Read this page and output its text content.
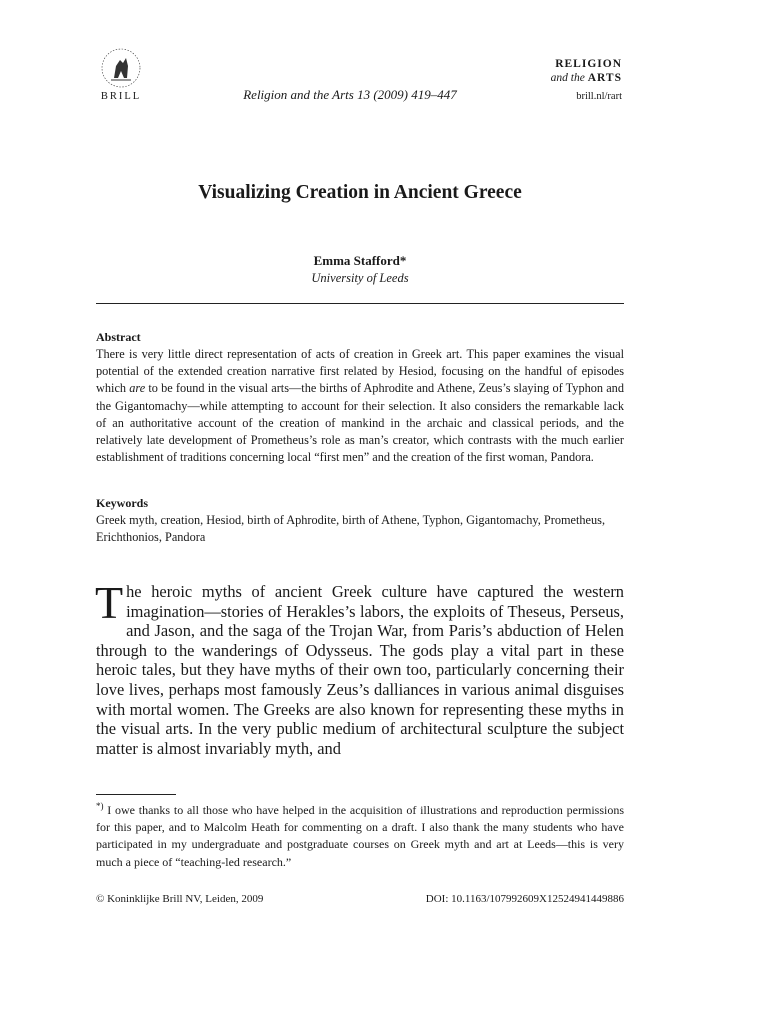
BRILL	Religion and the Arts 13 (2009) 419–447
RELIGION
and the ARTS
brill.nl/rart
Visualizing Creation in Ancient Greece
Emma Stafford*
University of Leeds
Abstract
There is very little direct representation of acts of creation in Greek art. This paper examines the visual potential of the extended creation narrative first related by Hesiod, focusing on the handful of episodes which are to be found in the visual arts—the births of Aphrodite and Athene, Zeus’s slaying of Typhon and the Gigantomachy—while attempting to account for their selection. It also considers the remarkable lack of an authoritative account of the creation of mankind in the archaic and classical periods, and the relatively late development of Prometheus’s role as man’s creator, which contrasts with the much earlier establishment of traditions concerning local “first men” and the creation of the first woman, Pandora.
Keywords
Greek myth, creation, Hesiod, birth of Aphrodite, birth of Athene, Typhon, Gigantomachy, Prometheus, Erichthonios, Pandora
The heroic myths of ancient Greek culture have captured the western imagination—stories of Herakles’s labors, the exploits of Theseus, Perseus, and Jason, and the saga of the Trojan War, from Paris’s abduction of Helen through to the wanderings of Odysseus. The gods play a vital part in these heroic tales, but they have myths of their own too, particularly concerning their love lives, perhaps most famously Zeus’s dalliances in various animal disguises with mortal women. The Greeks are also known for representing these myths in the visual arts. In the very public medium of architectural sculpture the subject matter is almost invariably myth, and
*) I owe thanks to all those who have helped in the acquisition of illustrations and reproduction permissions for this paper, and to Malcolm Heath for commenting on a draft. I also thank the many students who have participated in my undergraduate and postgraduate courses on Greek myth and art at Leeds—this is very much a piece of “teaching-led research.”
© Koninklijke Brill NV, Leiden, 2009	DOI: 10.1163/107992609X12524941449886
